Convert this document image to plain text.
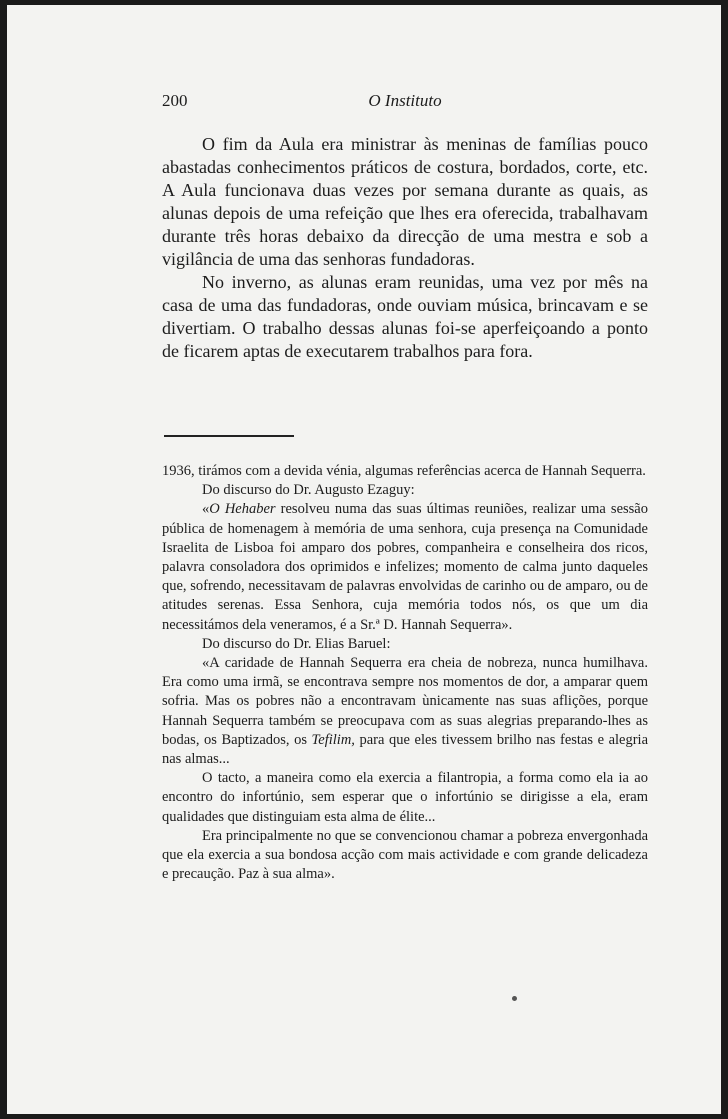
200	O Instituto

O fim da Aula era ministrar às meninas de famílias pouco abastadas conhecimentos práticos de costura, bordados, corte, etc. A Aula funcionava duas vezes por semana durante as quais, as alunas depois de uma refeição que lhes era oferecida, trabalhavam durante três horas debaixo da direcção de uma mestra e sob a vigilância de uma das senhoras fundadoras.

No inverno, as alunas eram reunidas, uma vez por mês na casa de uma das fundadoras, onde ouviam música, brincavam e se divertiam. O trabalho dessas alunas foi-se aperfeiçoando a ponto de ficarem aptas de executarem trabalhos para fora.

1936, tirámos com a devida vénia, algumas referências acerca de Hannah Sequerra.

Do discurso do Dr. Augusto Ezaguy:

«O Hehaber resolveu numa das suas últimas reuniões, realizar uma sessão pública de homenagem à memória de uma senhora, cuja presença na Comunidade Israelita de Lisboa foi amparo dos pobres, companheira e conselheira dos ricos, palavra consoladora dos oprimidos e infelizes; momento de calma junto daqueles que, sofrendo, necessitavam de palavras envolvidas de carinho ou de amparo, ou de atitudes serenas. Essa Senhora, cuja memória todos nós, os que um dia necessitámos dela veneramos, é a Sr.ª D. Hannah Sequerra».

Do discurso do Dr. Elias Baruel:

«A caridade de Hannah Sequerra era cheia de nobreza, nunca humilhava. Era como uma irmã, se encontrava sempre nos momentos de dor, a amparar quem sofria. Mas os pobres não a encontravam ùnicamente nas suas aflições, porque Hannah Sequerra também se preocupava com as suas alegrias preparando-lhes as bodas, os Baptizados, os Tefilim, para que eles tivessem brilho nas festas e alegria nas almas...

O tacto, a maneira como ela exercia a filantropia, a forma como ela ia ao encontro do infortúnio, sem esperar que o infortúnio se dirigisse a ela, eram qualidades que distinguiam esta alma de élite...

Era principalmente no que se convencionou chamar a pobreza envergonhada que ela exercia a sua bondosa acção com mais actividade e com grande delicadeza e precaução. Paz à sua alma».
